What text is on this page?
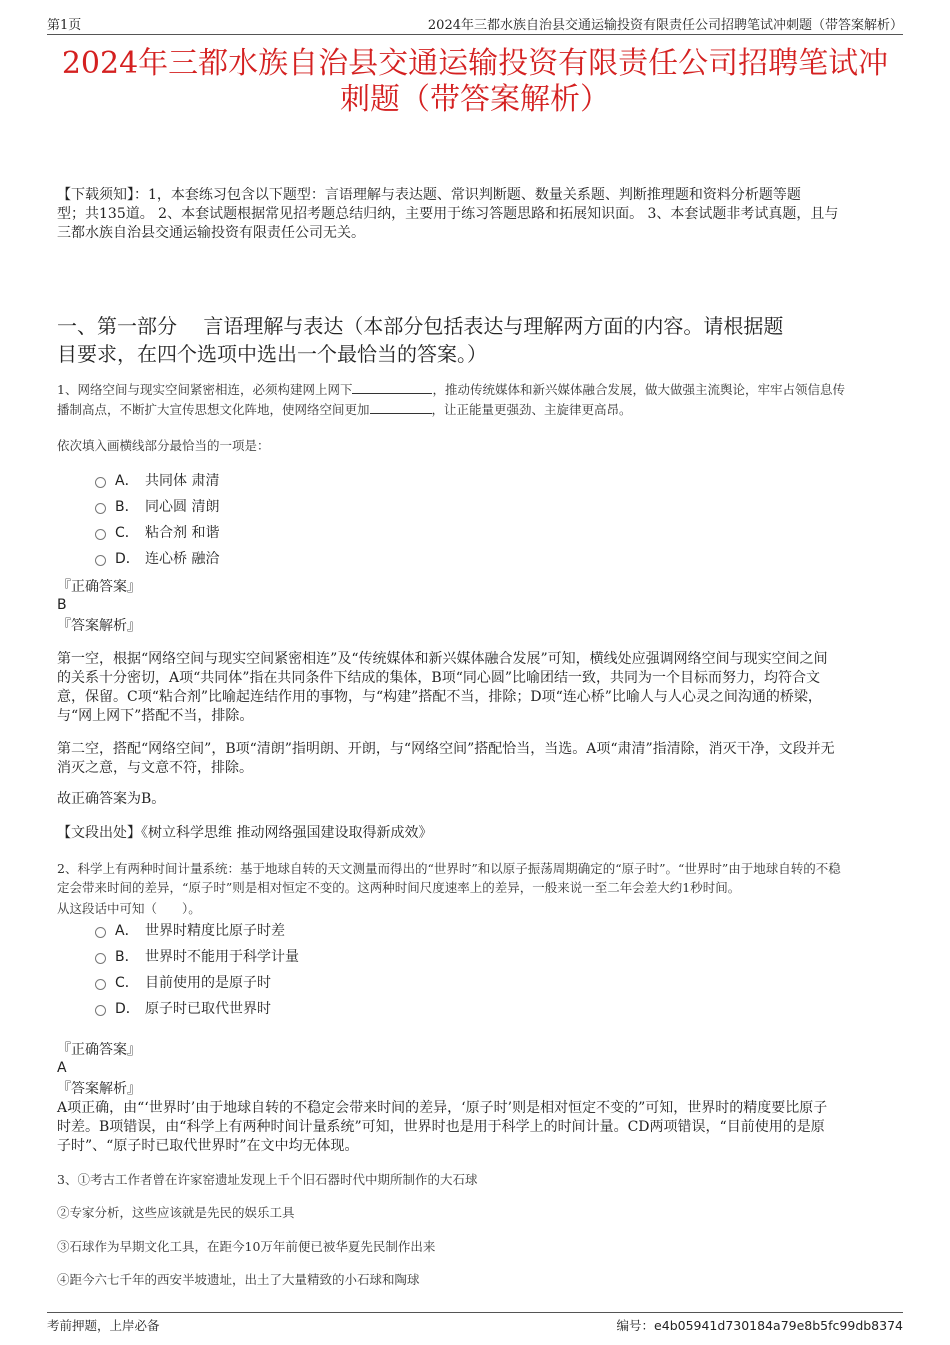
第1页	2024年三都水族自治县交通运输投资有限责任公司招聘笔试冲刺题（带答案解析）
2024年三都水族自治县交通运输投资有限责任公司招聘笔试冲
刺题（带答案解析）
【下载须知】：1，本套练习包含以下题型：言语理解与表达题、常识判断题、数量关系题、判断推理题和资料分析题等题
型；共135道。 2、本套试题根据常见招考题总结归纳，主要用于练习答题思路和拓展知识面。 3、本套试题非考试真题，且与
三都水族自治县交通运输投资有限责任公司无关。
一、第一部分　 言语理解与表达（本部分包括表达与理解两方面的内容。请根据题
目要求，在四个选项中选出一个最恰当的答案。）
1、网络空间与现实空间紧密相连，必须构建网上网下	，推动传统媒体和新兴媒体融合发展，做大做强主流舆论，牢牢占领信息传
播制高点，不断扩大宣传思想文化阵地，使网络空间更加	，让正能量更强劲、主旋律更高昂。
依次填入画横线部分最恰当的一项是：
A． 共同体 肃清
B． 同心圆 清朗
C． 粘合剂 和谐
D． 连心桥 融洽
『正确答案』
B
『答案解析』
第一空，根据“网络空间与现实空间紧密相连”及“传统媒体和新兴媒体融合发展”可知，横线处应强调网络空间与现实空间之间
的关系十分密切，A项“共同体”指在共同条件下结成的集体，B项“同心圆”比喻团结一致，共同为一个目标而努力，均符合文
意，保留。C项“粘合剂”比喻起连结作用的事物，与“构建”搭配不当，排除；D项“连心桥”比喻人与人心灵之间沟通的桥梁，
与“网上网下”搭配不当，排除。
第二空，搭配“网络空间”，B项“清朗”指明朗、开朗，与“网络空间”搭配恰当，当选。A项“肃清”指清除，消灭干净，文段并无
消灭之意，与文意不符，排除。
故正确答案为B。
【文段出处】《树立科学思维 推动网络强国建设取得新成效》
2、科学上有两种时间计量系统：基于地球自转的天文测量而得出的“世界时”和以原子振荡周期确定的“原子时”。“世界时”由于地球自转的不稳
定会带来时间的差异，“原子时”则是相对恒定不变的。这两种时间尺度速率上的差异，一般来说一至二年会差大约1秒时间。
从这段话中可知（　　）。
A． 世界时精度比原子时差
B． 世界时不能用于科学计量
C． 目前使用的是原子时
D． 原子时已取代世界时
『正确答案』
A
『答案解析』
A项正确，由“‘世界时’由于地球自转的不稳定会带来时间的差异，‘原子时’则是相对恒定不变的”可知，世界时的精度要比原子
时差。B项错误，由“科学上有两种时间计量系统”可知，世界时也是用于科学上的时间计量。CD两项错误，“目前使用的是原
子时”、“原子时已取代世界时”在文中均无体现。
3、①考古工作者曾在许家窑遗址发现上千个旧石器时代中期所制作的大石球
②专家分析，这些应该就是先民的娱乐工具
③石球作为早期文化工具，在距今10万年前便已被华夏先民制作出来
④距今六七千年的西安半坡遗址，出土了大量精致的小石球和陶球
考前押题，上岸必备	编号：e4b05941d730184a79e8b5fc99db8374
